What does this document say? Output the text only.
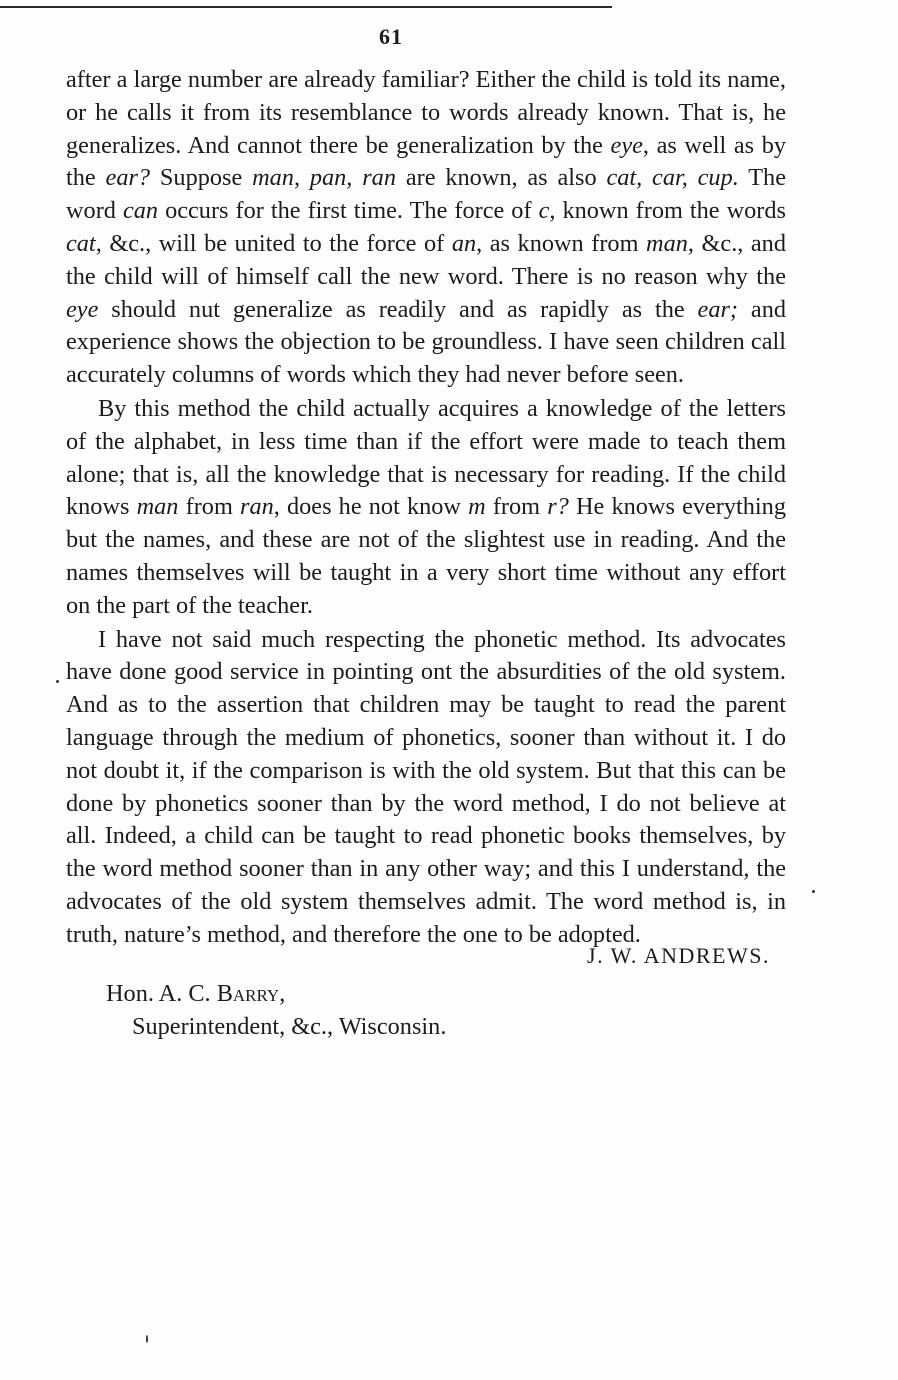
61

after a large number are already familiar? Either the child is told its name, or he calls it from its resemblance to words already known. That is, he generalizes. And cannot there be generalization by the eye, as well as by the ear? Suppose man, pan, ran are known, as also cat, car, cup. The word can occurs for the first time. The force of c, known from the words cat, &c., will be united to the force of an, as known from man, &c., and the child will of himself call the new word. There is no reason why the eye should nut generalize as readily and as rapidly as the ear; and experience shows the objection to be groundless. I have seen children call accurately columns of words which they had never before seen.

By this method the child actually acquires a knowledge of the letters of the alphabet, in less time than if the effort were made to teach them alone; that is, all the knowledge that is necessary for reading. If the child knows man from ran, does he not know m from r? He knows everything but the names, and these are not of the slightest use in reading. And the names themselves will be taught in a very short time without any effort on the part of the teacher.

I have not said much respecting the phonetic method. Its advocates have done good service in pointing ont the absurdities of the old system. And as to the assertion that children may be taught to read the parent language through the medium of phonetics, sooner than without it. I do not doubt it, if the comparison is with the old system. But that this can be done by phonetics sooner than by the word method, I do not believe at all. Indeed, a child can be taught to read phonetic books themselves, by the word method sooner than in any other way; and this I understand, the advocates of the old system themselves admit. The word method is, in truth, nature’s method, and therefore the one to be adopted.

J. W. ANDREWS.
Hon. A. C. Barry,
Superintendent, &c., Wisconsin.
